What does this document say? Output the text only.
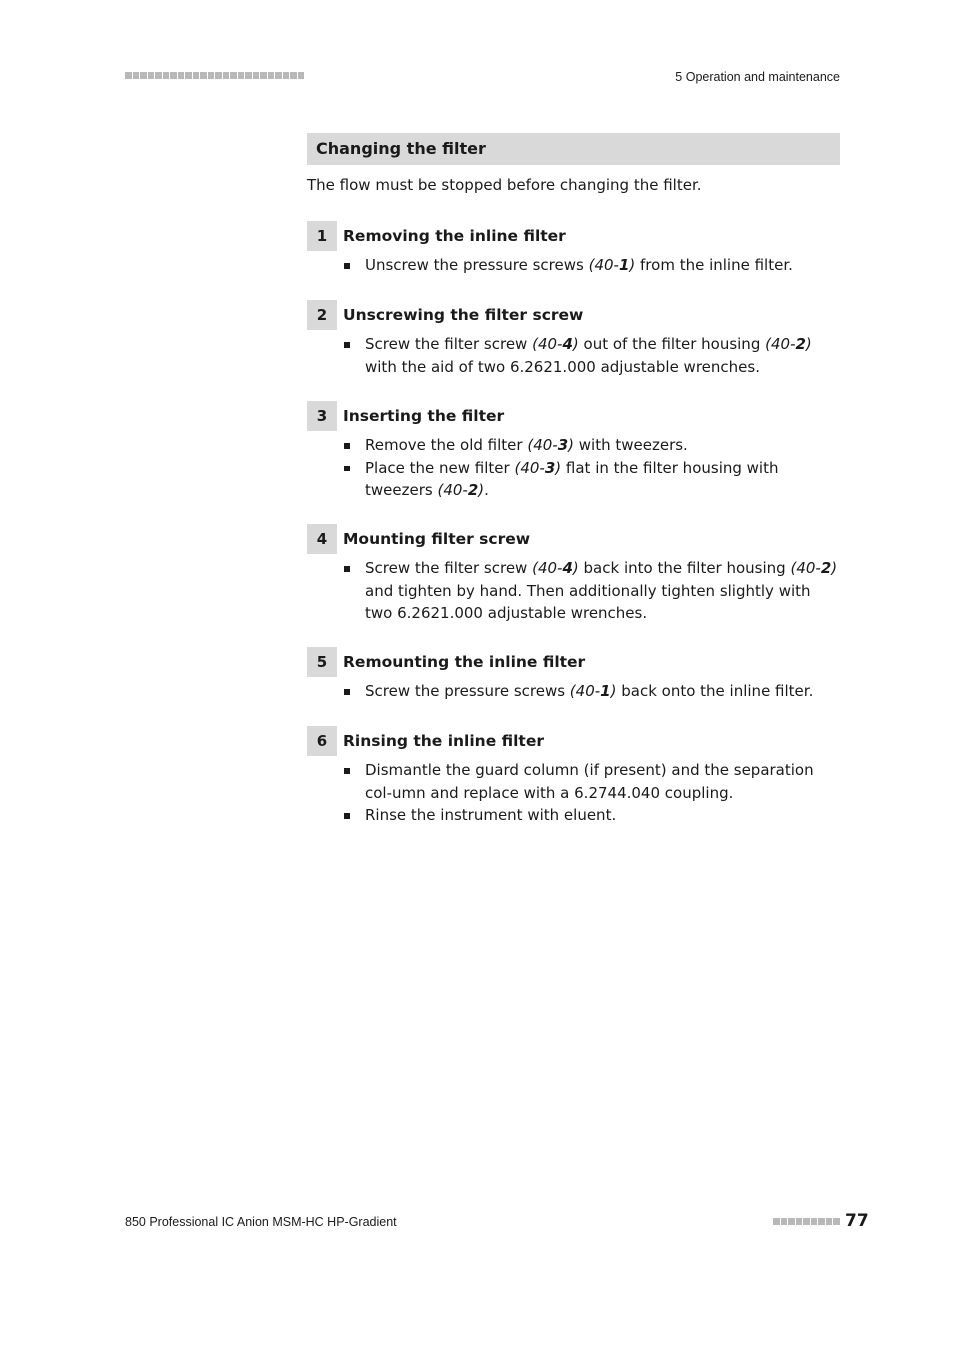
5 Operation and maintenance
Changing the filter
The flow must be stopped before changing the filter.
1	Removing the inline filter
Unscrew the pressure screws (40-1) from the inline filter.
2	Unscrewing the filter screw
Screw the filter screw (40-4) out of the filter housing (40-2) with the aid of two 6.2621.000 adjustable wrenches.
3	Inserting the filter
Remove the old filter (40-3) with tweezers.
Place the new filter (40-3) flat in the filter housing with tweezers (40-2).
4	Mounting filter screw
Screw the filter screw (40-4) back into the filter housing (40-2) and tighten by hand. Then additionally tighten slightly with two 6.2621.000 adjustable wrenches.
5	Remounting the inline filter
Screw the pressure screws (40-1) back onto the inline filter.
6	Rinsing the inline filter
Dismantle the guard column (if present) and the separation col-umn and replace with a 6.2744.040 coupling.
Rinse the instrument with eluent.
850 Professional IC Anion MSM-HC HP-Gradient	77
